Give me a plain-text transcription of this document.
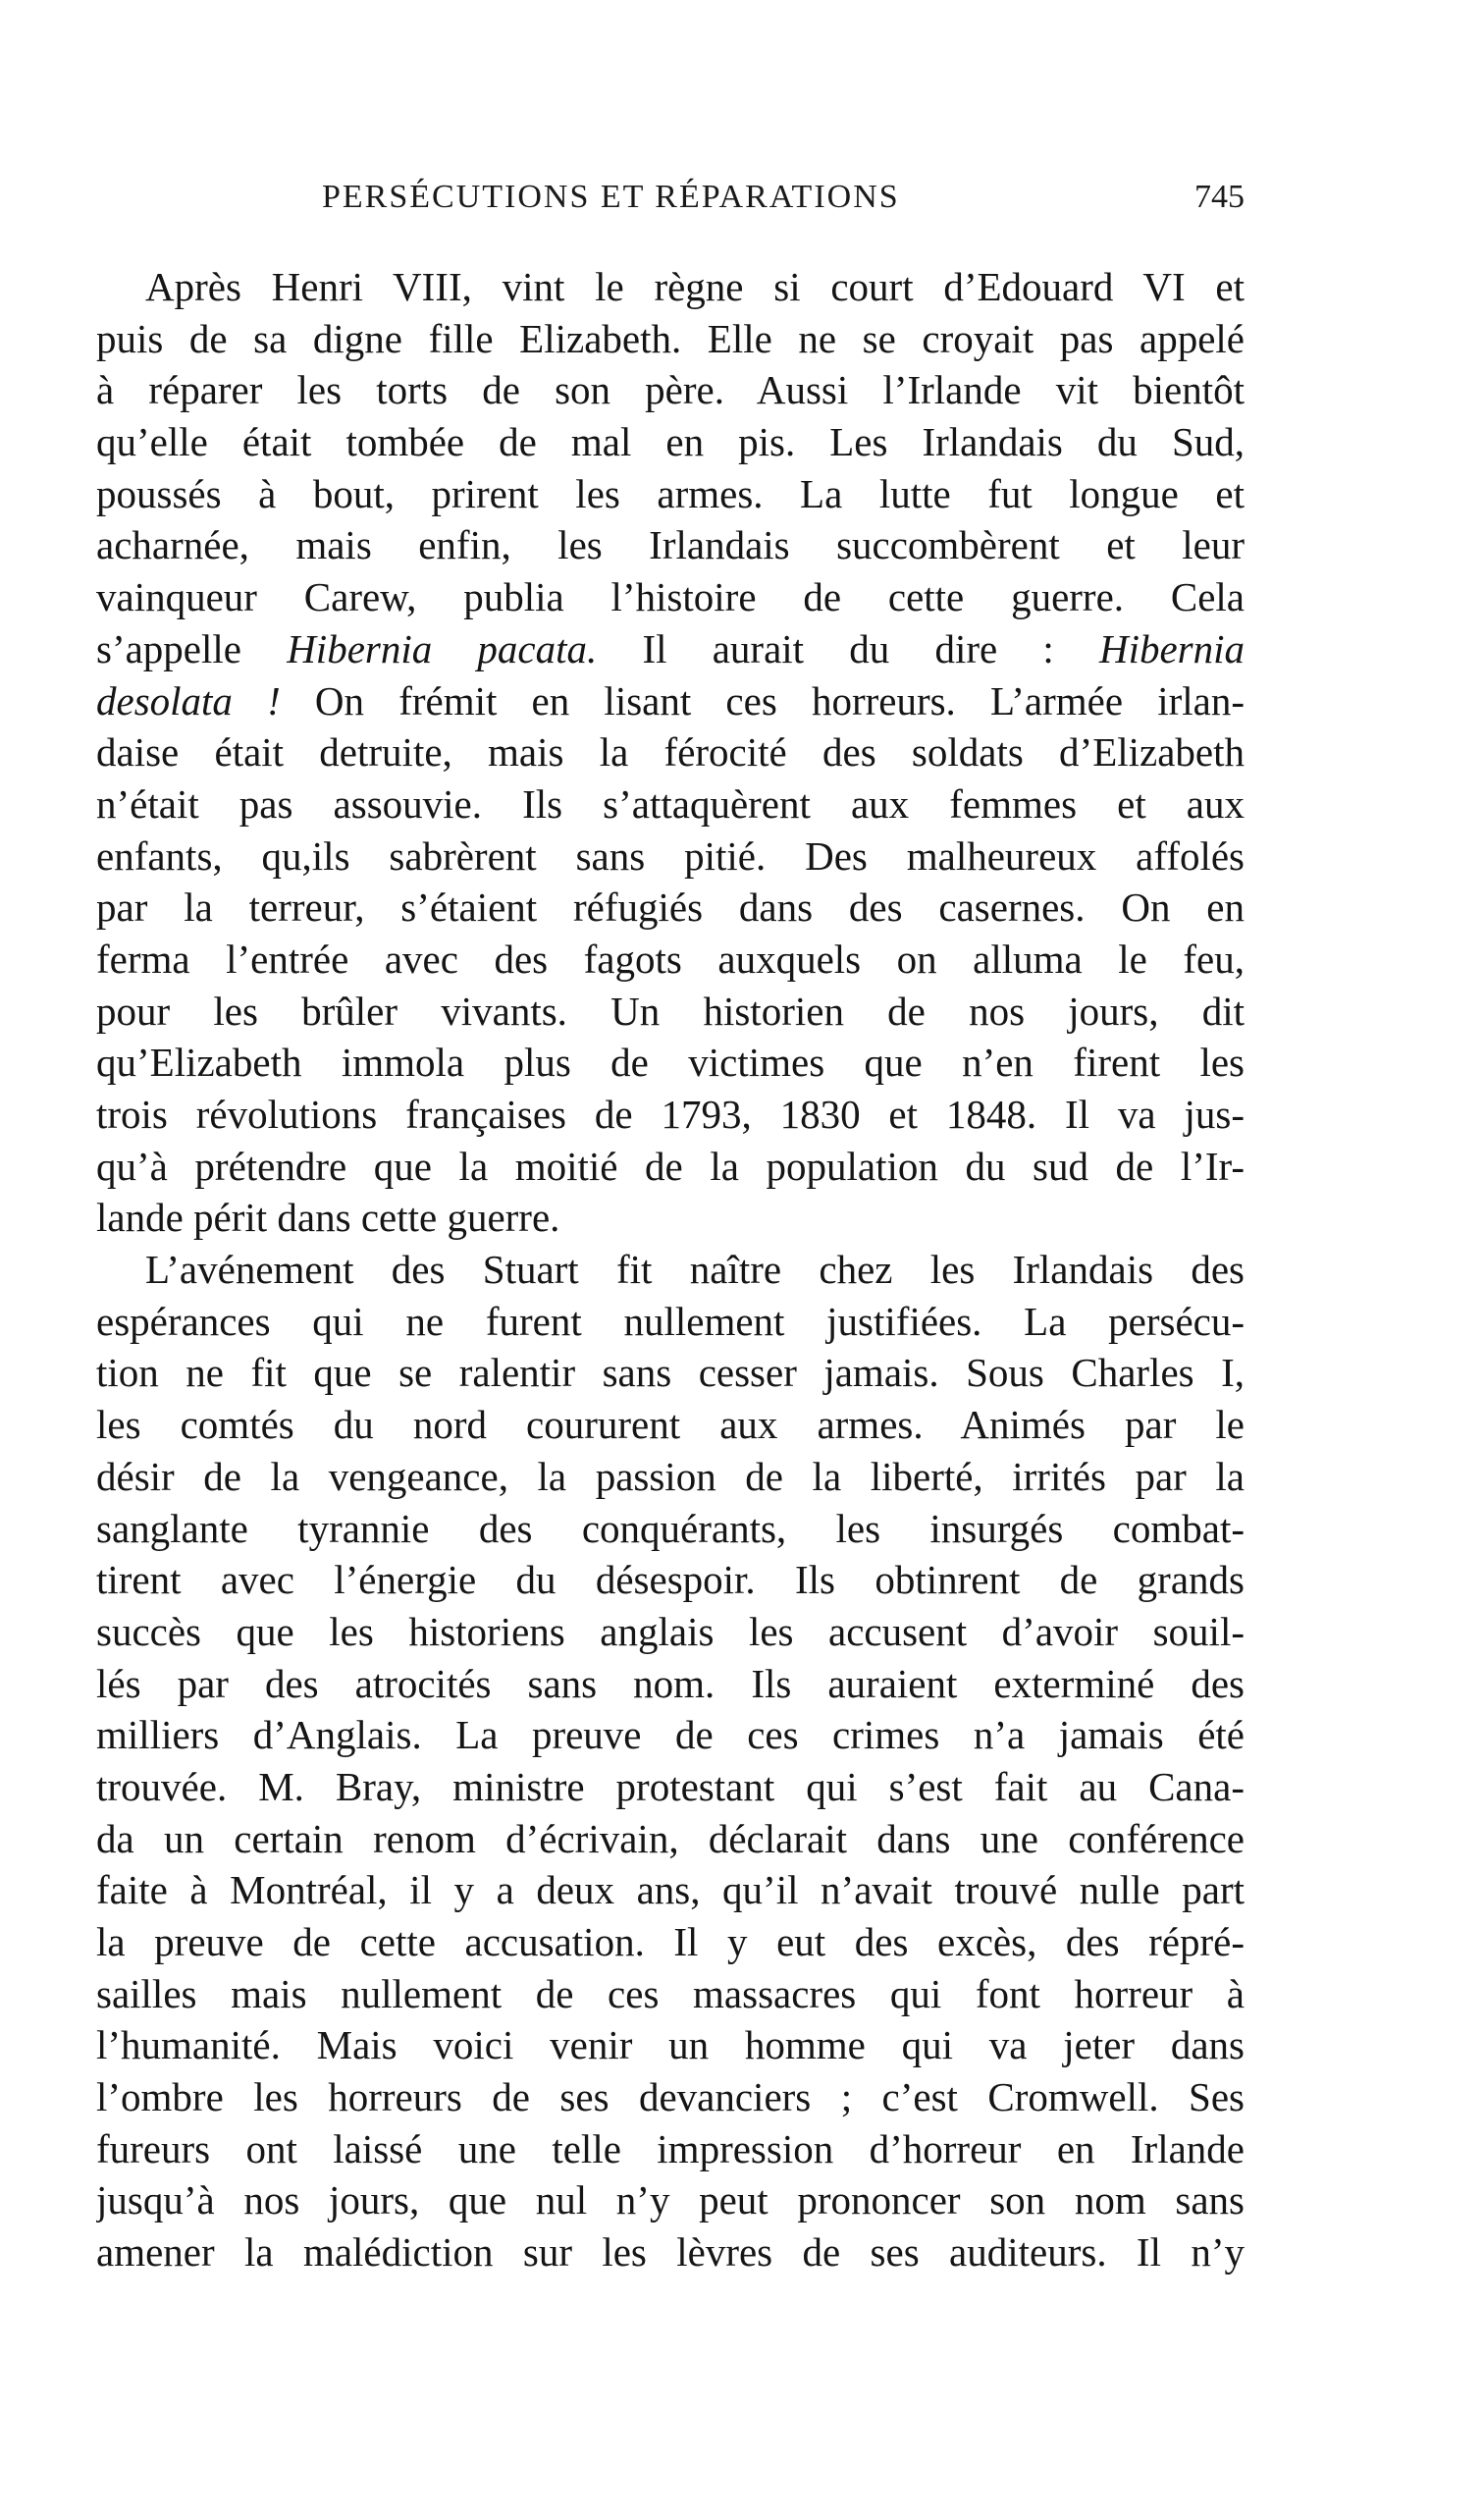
PERSÉCUTIONS ET RÉPARATIONS	745
Après Henri VIII, vint le règne si court d’Edouard VI et
puis de sa digne fille Elizabeth. Elle ne se croyait pas appelé
à réparer les torts de son père. Aussi l’Irlande vit bientôt
qu’elle était tombée de mal en pis. Les Irlandais du Sud,
poussés à bout, prirent les armes. La lutte fut longue et
acharnée, mais enfin, les Irlandais succombèrent et leur
vainqueur Carew, publia l’histoire de cette guerre. Cela
s’appelle Hibernia pacata. Il aurait du dire : Hibernia
desolata ! On frémit en lisant ces horreurs. L’armée irlan-
daise était detruite, mais la férocité des soldats d’Elizabeth
n’était pas assouvie. Ils s’attaquèrent aux femmes et aux
enfants, qu,ils sabrèrent sans pitié. Des malheureux affolés
par la terreur, s’étaient réfugiés dans des casernes. On en
ferma l’entrée avec des fagots auxquels on alluma le feu,
pour les brûler vivants. Un historien de nos jours, dit
qu’Elizabeth immola plus de victimes que n’en firent les
trois révolutions françaises de 1793, 1830 et 1848. Il va jus-
qu’à prétendre que la moitié de la population du sud de l’Ir-
lande périt dans cette guerre.
L’avénement des Stuart fit naître chez les Irlandais des
espérances qui ne furent nullement justifiées. La persécu-
tion ne fit que se ralentir sans cesser jamais. Sous Charles I,
les comtés du nord coururent aux armes. Animés par le
désir de la vengeance, la passion de la liberté, irrités par la
sanglante tyrannie des conquérants, les insurgés combat-
tirent avec l’énergie du désespoir. Ils obtinrent de grands
succès que les historiens anglais les accusent d’avoir souil-
lés par des atrocités sans nom. Ils auraient exterminé des
milliers d’Anglais. La preuve de ces crimes n’a jamais été
trouvée. M. Bray, ministre protestant qui s’est fait au Cana-
da un certain renom d’écrivain, déclarait dans une conférence
faite à Montréal, il y a deux ans, qu’il n’avait trouvé nulle part
la preuve de cette accusation. Il y eut des excès, des répré-
sailles mais nullement de ces massacres qui font horreur à
l’humanité. Mais voici venir un homme qui va jeter dans
l’ombre les horreurs de ses devanciers ; c’est Cromwell. Ses
fureurs ont laissé une telle impression d’horreur en Irlande
jusqu’à nos jours, que nul n’y peut prononcer son nom sans
amener la malédiction sur les lèvres de ses auditeurs. Il n’y
